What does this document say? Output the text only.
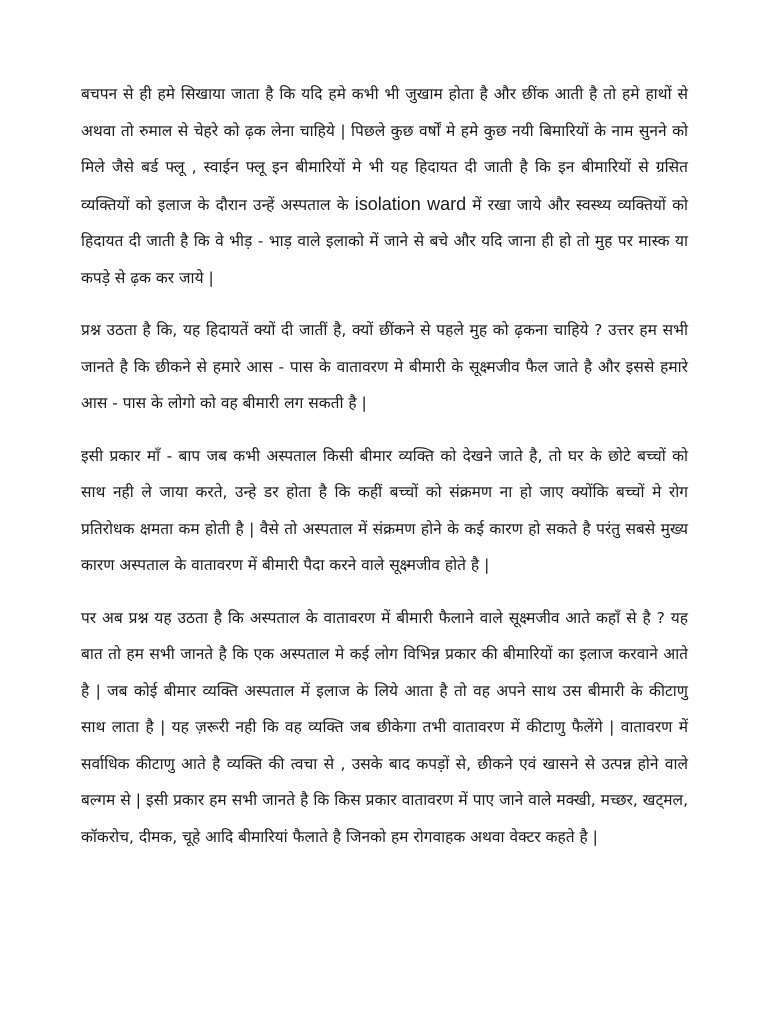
बचपन से ही हमे सिखाया जाता है कि यदि हमे कभी भी जुखाम होता है और छींक आती है तो हमे हाथों से अथवा तो रुमाल से चेहरे को ढ़क लेना चाहिये | पिछले कुछ वर्षों मे हमे कुछ नयी बिमारियों के नाम सुनने को मिले जैसे बर्ड फ्लू , स्वाईन फ्लू इन बीमारियों मे भी यह हिदायत दी जाती है कि इन बीमारियों से ग्रसित व्यक्तियों को इलाज के दौरान उन्हें अस्पताल के isolation ward में रखा जाये और स्वस्थ्य व्यक्तियों को हिदायत दी जाती है कि वे भीड़ - भाड़ वाले इलाको में जाने से बचे और यदि जाना ही हो तो मुह पर मास्क या कपड़े से ढ़क कर जाये |

प्रश्न उठता है कि, यह हिदायतें क्यों दी जातीं है, क्यों छींकने से पहले मुह को ढ़कना चाहिये ? उत्तर हम सभी जानते है कि छीकने से हमारे आस - पास के वातावरण मे बीमारी के सूक्ष्मजीव फैल जाते है और इससे हमारे आस - पास के लोगो को वह बीमारी लग सकती है |

इसी प्रकार माँ - बाप जब कभी अस्पताल किसी बीमार व्यक्ति को देखने जाते है, तो घर के छोटे बच्चों को साथ नही ले जाया करते, उन्हे डर होता है कि कहीं बच्चों को संक्रमण ना हो जाए क्योंकि बच्चों मे रोग प्रतिरोधक क्षमता कम होती है | वैसे तो अस्पताल में संक्रमण होने के कई कारण हो सकते है परंतु सबसे मुख्य कारण अस्पताल के वातावरण में बीमारी पैदा करने वाले सूक्ष्मजीव होते है |

पर अब प्रश्न यह उठता है कि अस्पताल के वातावरण में बीमारी फैलाने वाले सूक्ष्मजीव आते कहाँ से है ? यह बात तो हम सभी जानते है कि एक अस्पताल मे कई लोग विभिन्न प्रकार की बीमारियों का इलाज करवाने आते है | जब कोई बीमार व्यक्ति अस्पताल में इलाज के लिये आता है तो वह अपने साथ उस बीमारी के कीटाणु साथ लाता है | यह ज़रूरी नही कि वह व्यक्ति जब छीकेगा तभी वातावरण में कीटाणु फैलेंगे | वातावरण में सर्वाधिक कीटाणु आते है व्यक्ति की त्वचा से , उसके बाद कपड़ों से, छीकने एवं खासने से उत्पन्न होने वाले बल्गम से | इसी प्रकार हम सभी जानते है कि किस प्रकार वातावरण में पाए जाने वाले मक्खी, मच्छर, खट्मल, कॉकरोच, दीमक, चूहे आदि बीमारियां फैलाते है जिनको हम रोगवाहक अथवा वेक्टर कहते है |
